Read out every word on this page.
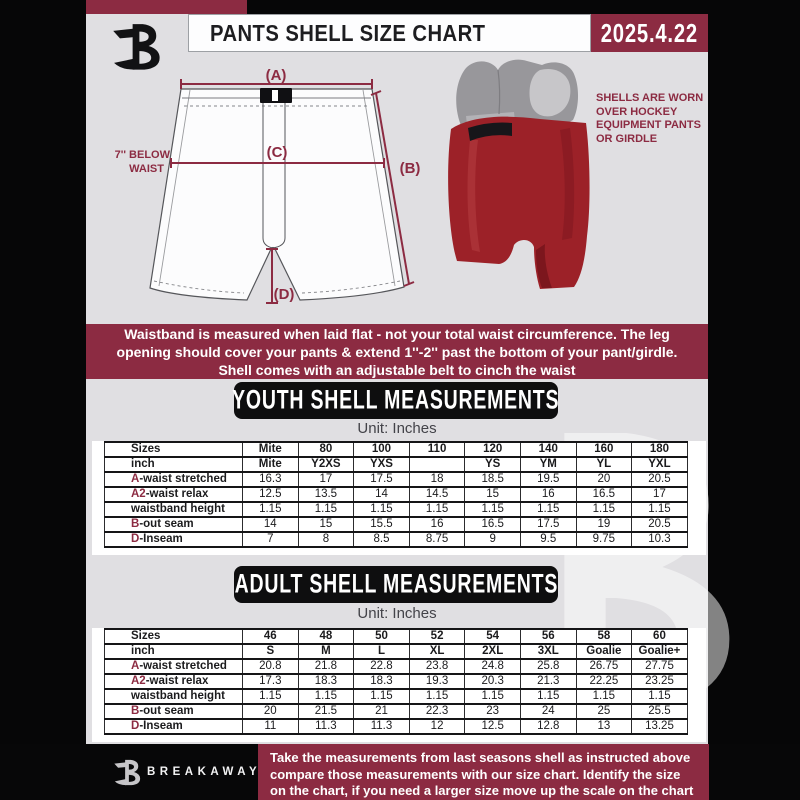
PANTS SHELL SIZE CHART	2025.4.22
(A)
(B)
(C)
(D)
7'' BELOW
WAIST
SHELLS ARE WORN
OVER HOCKEY
EQUIPMENT PANTS
OR GIRDLE
Waistband is measured when laid flat - not your total waist circumference. The leg
opening should cover your pants & extend 1''-2'' past the bottom of your pant/girdle.
Shell comes with an adjustable belt to cinch the waist
YOUTH SHELL MEASUREMENTS
Unit: Inches
Sizes	Mite	80	100	110	120	140	160	180
inch	Mite	Y2XS	YXS		YS	YM	YL	YXL
A-waist stretched	16.3	17	17.5	18	18.5	19.5	20	20.5
A2-waist relax	12.5	13.5	14	14.5	15	16	16.5	17
waistband height	1.15	1.15	1.15	1.15	1.15	1.15	1.15	1.15
B-out seam	14	15	15.5	16	16.5	17.5	19	20.5
D-Inseam	7	8	8.5	8.75	9	9.5	9.75	10.3
ADULT SHELL MEASUREMENTS
Unit: Inches
Sizes	46	48	50	52	54	56	58	60
inch	S	M	L	XL	2XL	3XL	Goalie	Goalie+
A-waist stretched	20.8	21.8	22.8	23.8	24.8	25.8	26.75	27.75
A2-waist relax	17.3	18.3	18.3	19.3	20.3	21.3	22.25	23.25
waistband height	1.15	1.15	1.15	1.15	1.15	1.15	1.15	1.15
B-out seam	20	21.5	21	22.3	23	24	25	25.5
D-Inseam	11	11.3	11.3	12	12.5	12.8	13	13.25
Take the measurements from last seasons shell as instructed above
compare those measurements with our size chart. Identify the size
on the chart, if you need a larger size move up the scale on the chart
BREAKAWAY
